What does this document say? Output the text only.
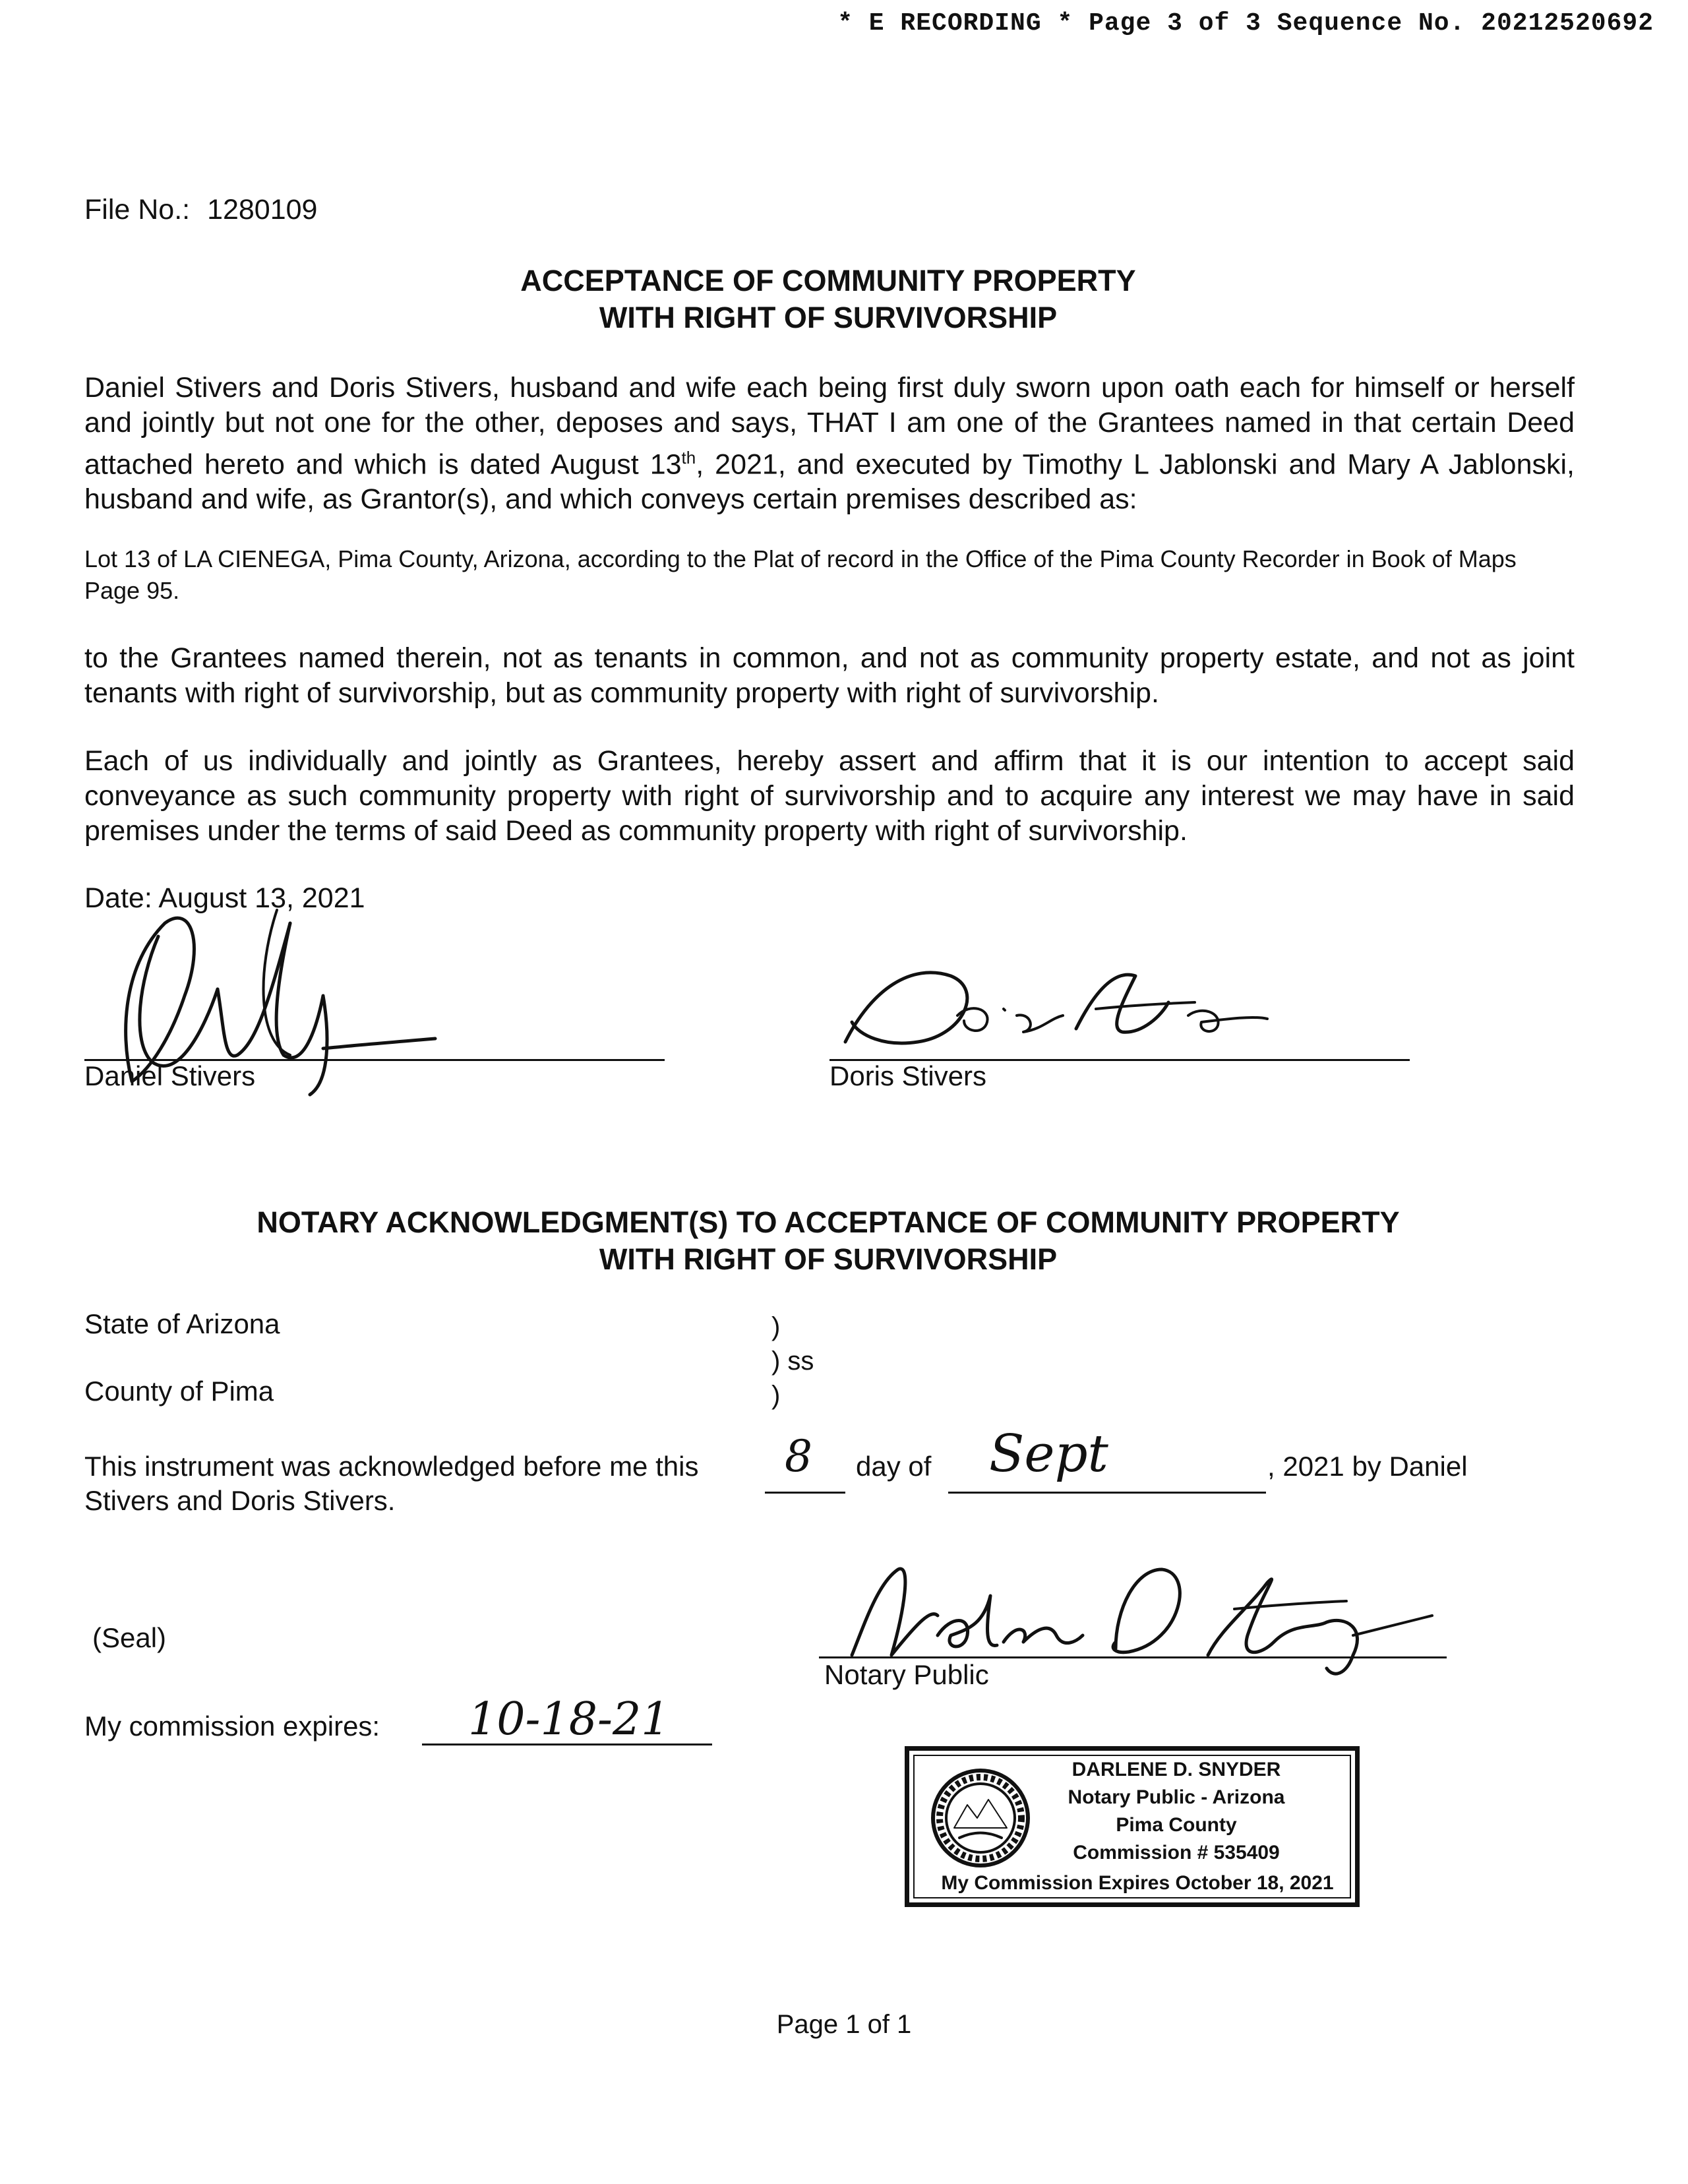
* E RECORDING * Page 3 of 3 Sequence No. 20212520692
File No.: 1280109
ACCEPTANCE OF COMMUNITY PROPERTY
WITH RIGHT OF SURVIVORSHIP
Daniel Stivers and Doris Stivers, husband and wife each being first duly sworn upon oath each for himself or herself and jointly but not one for the other, deposes and says, THAT I am one of the Grantees named in that certain Deed attached hereto and which is dated August 13th, 2021, and executed by Timothy L Jablonski and Mary A Jablonski, husband and wife, as Grantor(s), and which conveys certain premises described as:
Lot 13 of LA CIENEGA, Pima County, Arizona, according to the Plat of record in the Office of the Pima County Recorder in Book of Maps Page 95.
to the Grantees named therein, not as tenants in common, and not as community property estate, and not as joint tenants with right of survivorship, but as community property with right of survivorship.
Each of us individually and jointly as Grantees, hereby assert and affirm that it is our intention to accept said conveyance as such community property with right of survivorship and to acquire any interest we may have in said premises under the terms of said Deed as community property with right of survivorship.
Date: August 13, 2021
Daniel Stivers	Doris Stivers
NOTARY ACKNOWLEDGMENT(S) TO ACCEPTANCE OF COMMUNITY PROPERTY
WITH RIGHT OF SURVIVORSHIP
State of Arizona
County of Pima
)
) ss
)
This instrument was acknowledged before me this 8 day of Sept	, 2021 by Daniel
Stivers and Doris Stivers.
Notary Public
(Seal)
My commission expires: 10-18-21
DARLENE D. SNYDER
Notary Public - Arizona
Pima County
Commission # 535409
My Commission Expires October 18, 2021
Page 1 of 1
